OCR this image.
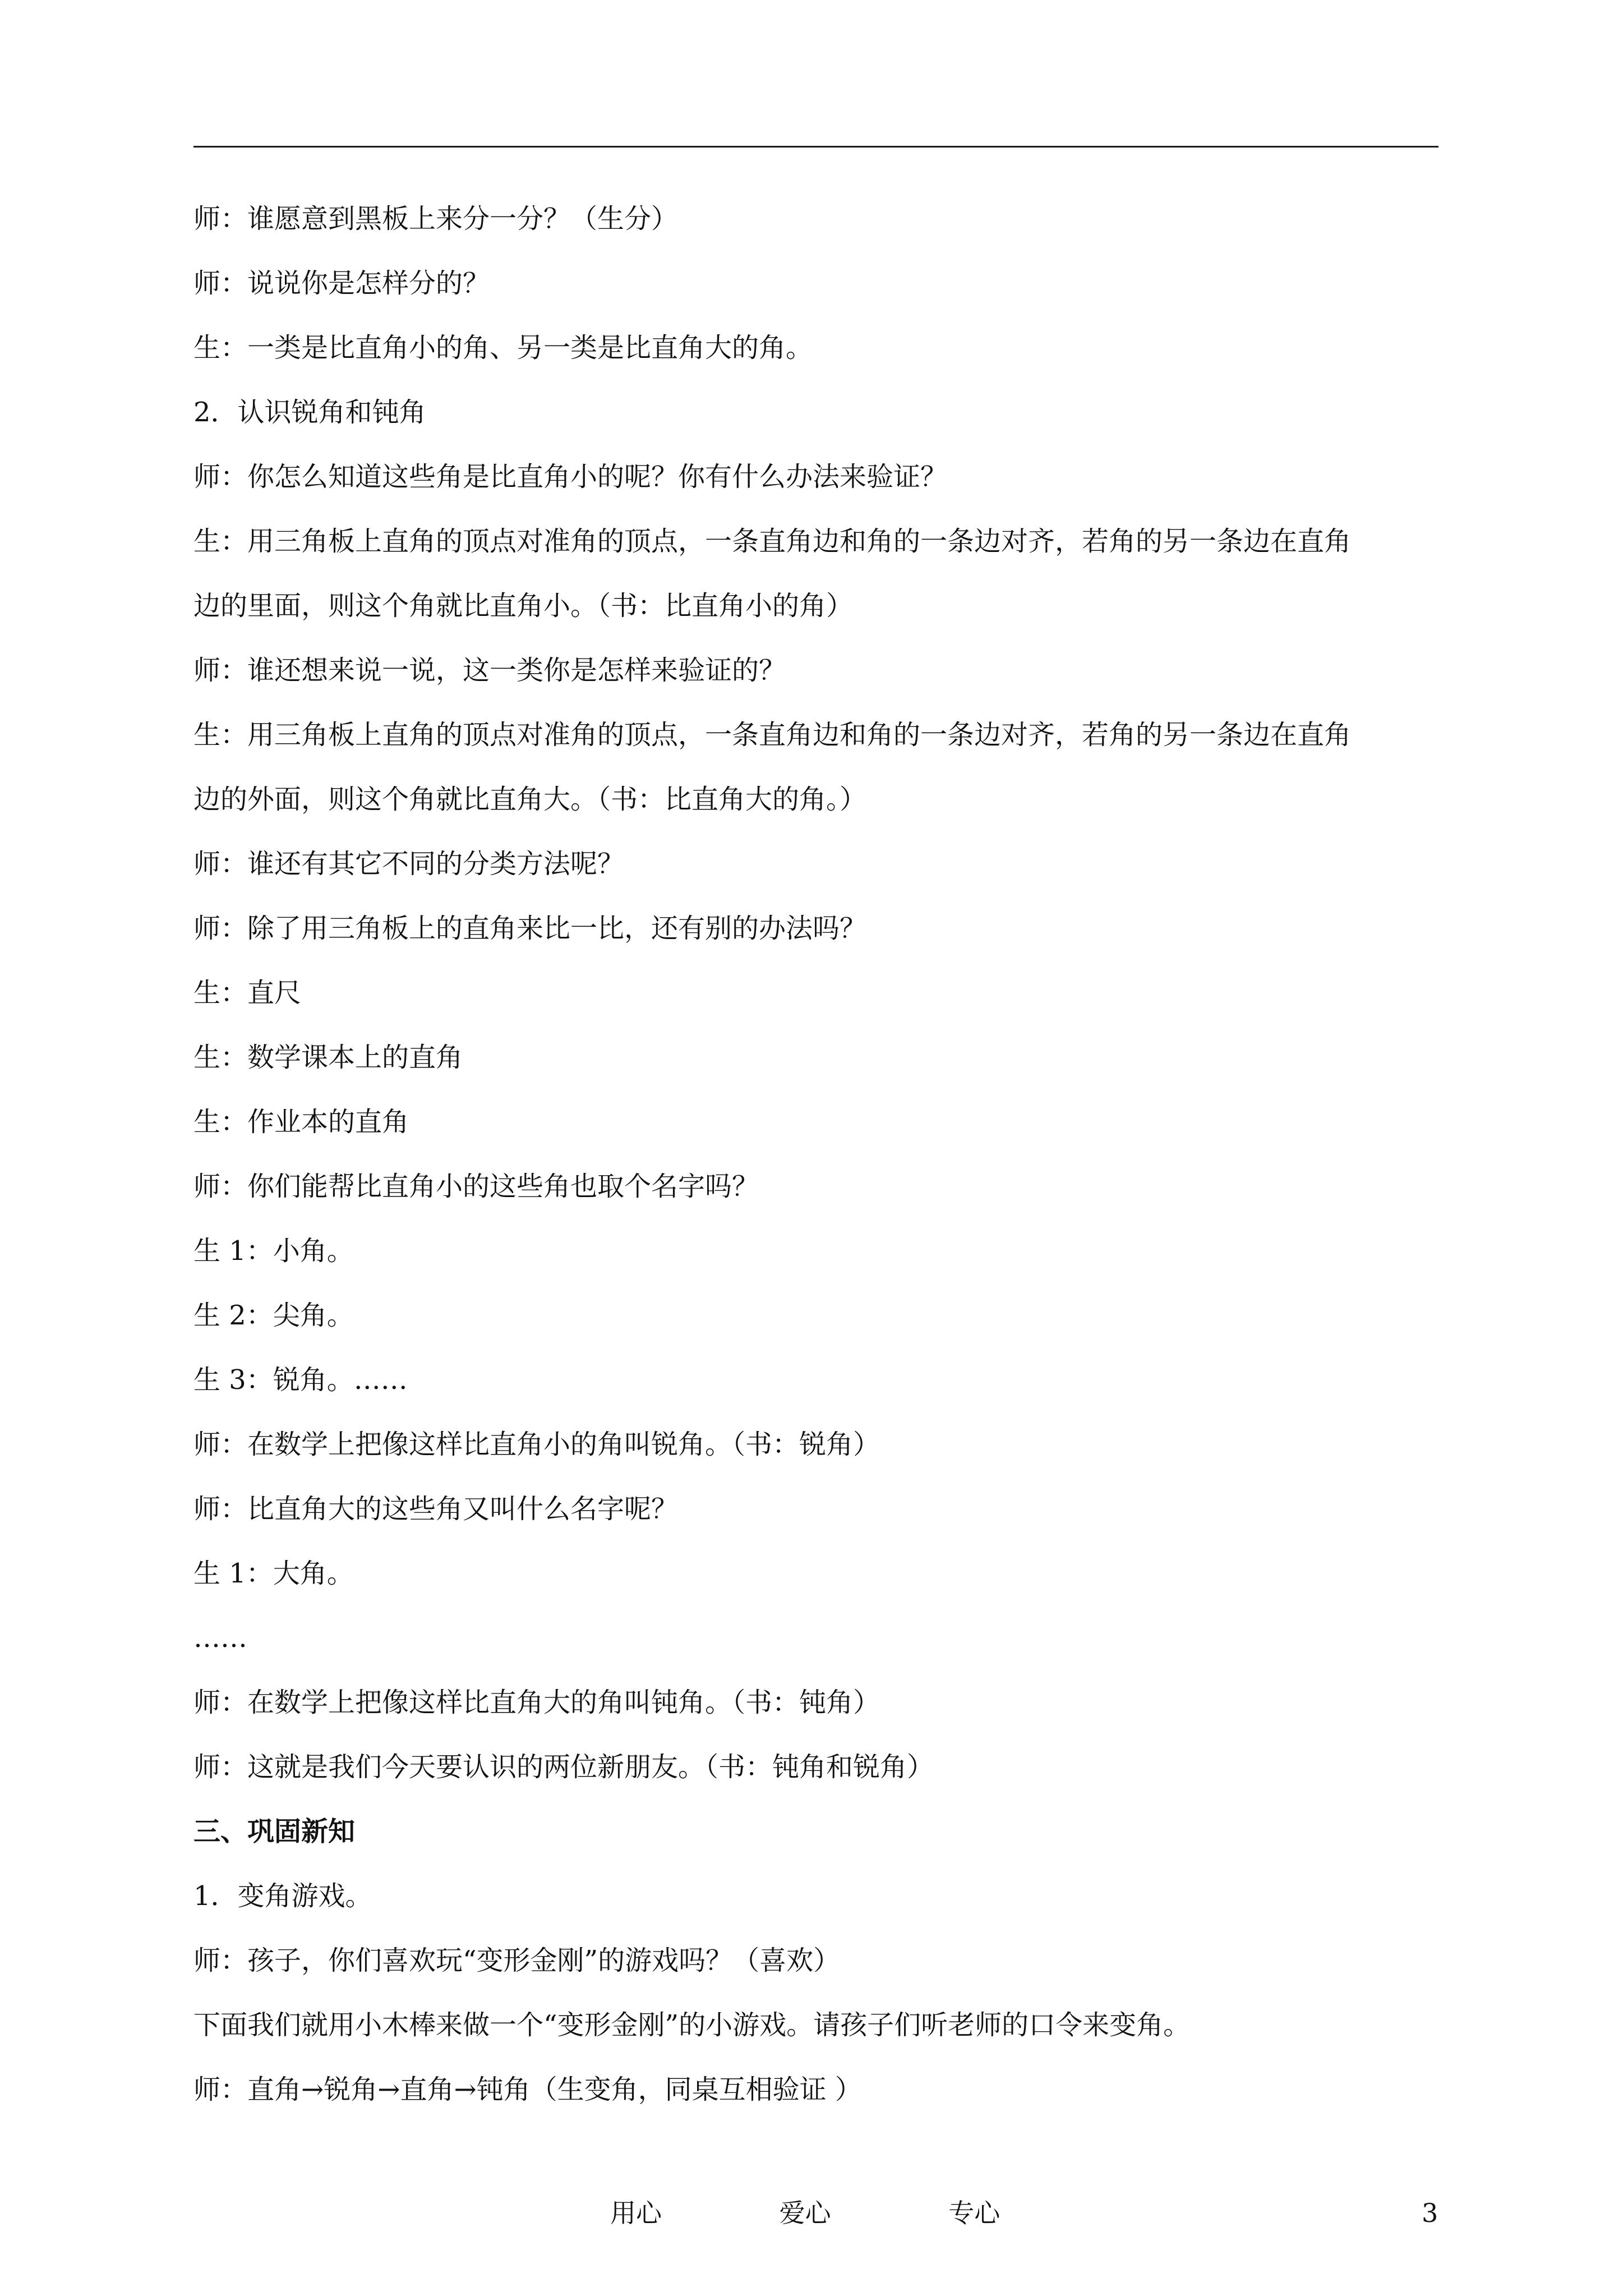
师：谁愿意到黑板上来分一分？（生分）
师：说说你是怎样分的？
生：一类是比直角小的角、另一类是比直角大的角。
2．认识锐角和钝角
师：你怎么知道这些角是比直角小的呢？你有什么办法来验证？
生：用三角板上直角的顶点对准角的顶点，一条直角边和角的一条边对齐，若角的另一条边在直角
边的里面，则这个角就比直角小。（书：比直角小的角）
师：谁还想来说一说，这一类你是怎样来验证的？
生：用三角板上直角的顶点对准角的顶点，一条直角边和角的一条边对齐，若角的另一条边在直角
边的外面，则这个角就比直角大。（书：比直角大的角。）
师：谁还有其它不同的分类方法呢？
师：除了用三角板上的直角来比一比，还有别的办法吗？
生：直尺
生：数学课本上的直角
生：作业本的直角
师：你们能帮比直角小的这些角也取个名字吗？
生 1：小角。
生 2：尖角。
生 3：锐角。……
师：在数学上把像这样比直角小的角叫锐角。（书：锐角）
师：比直角大的这些角又叫什么名字呢？
生 1：大角。
……
师：在数学上把像这样比直角大的角叫钝角。（书：钝角）
师：这就是我们今天要认识的两位新朋友。（书：钝角和锐角）
三、巩固新知
1．变角游戏。
师：孩子，你们喜欢玩“变形金刚”的游戏吗？（喜欢）
下面我们就用小木棒来做一个“变形金刚”的小游戏。请孩子们听老师的口令来变角。
师：直角→锐角→直角→钝角（生变角，同桌互相验证 ）
用心	爱心	专心	3
